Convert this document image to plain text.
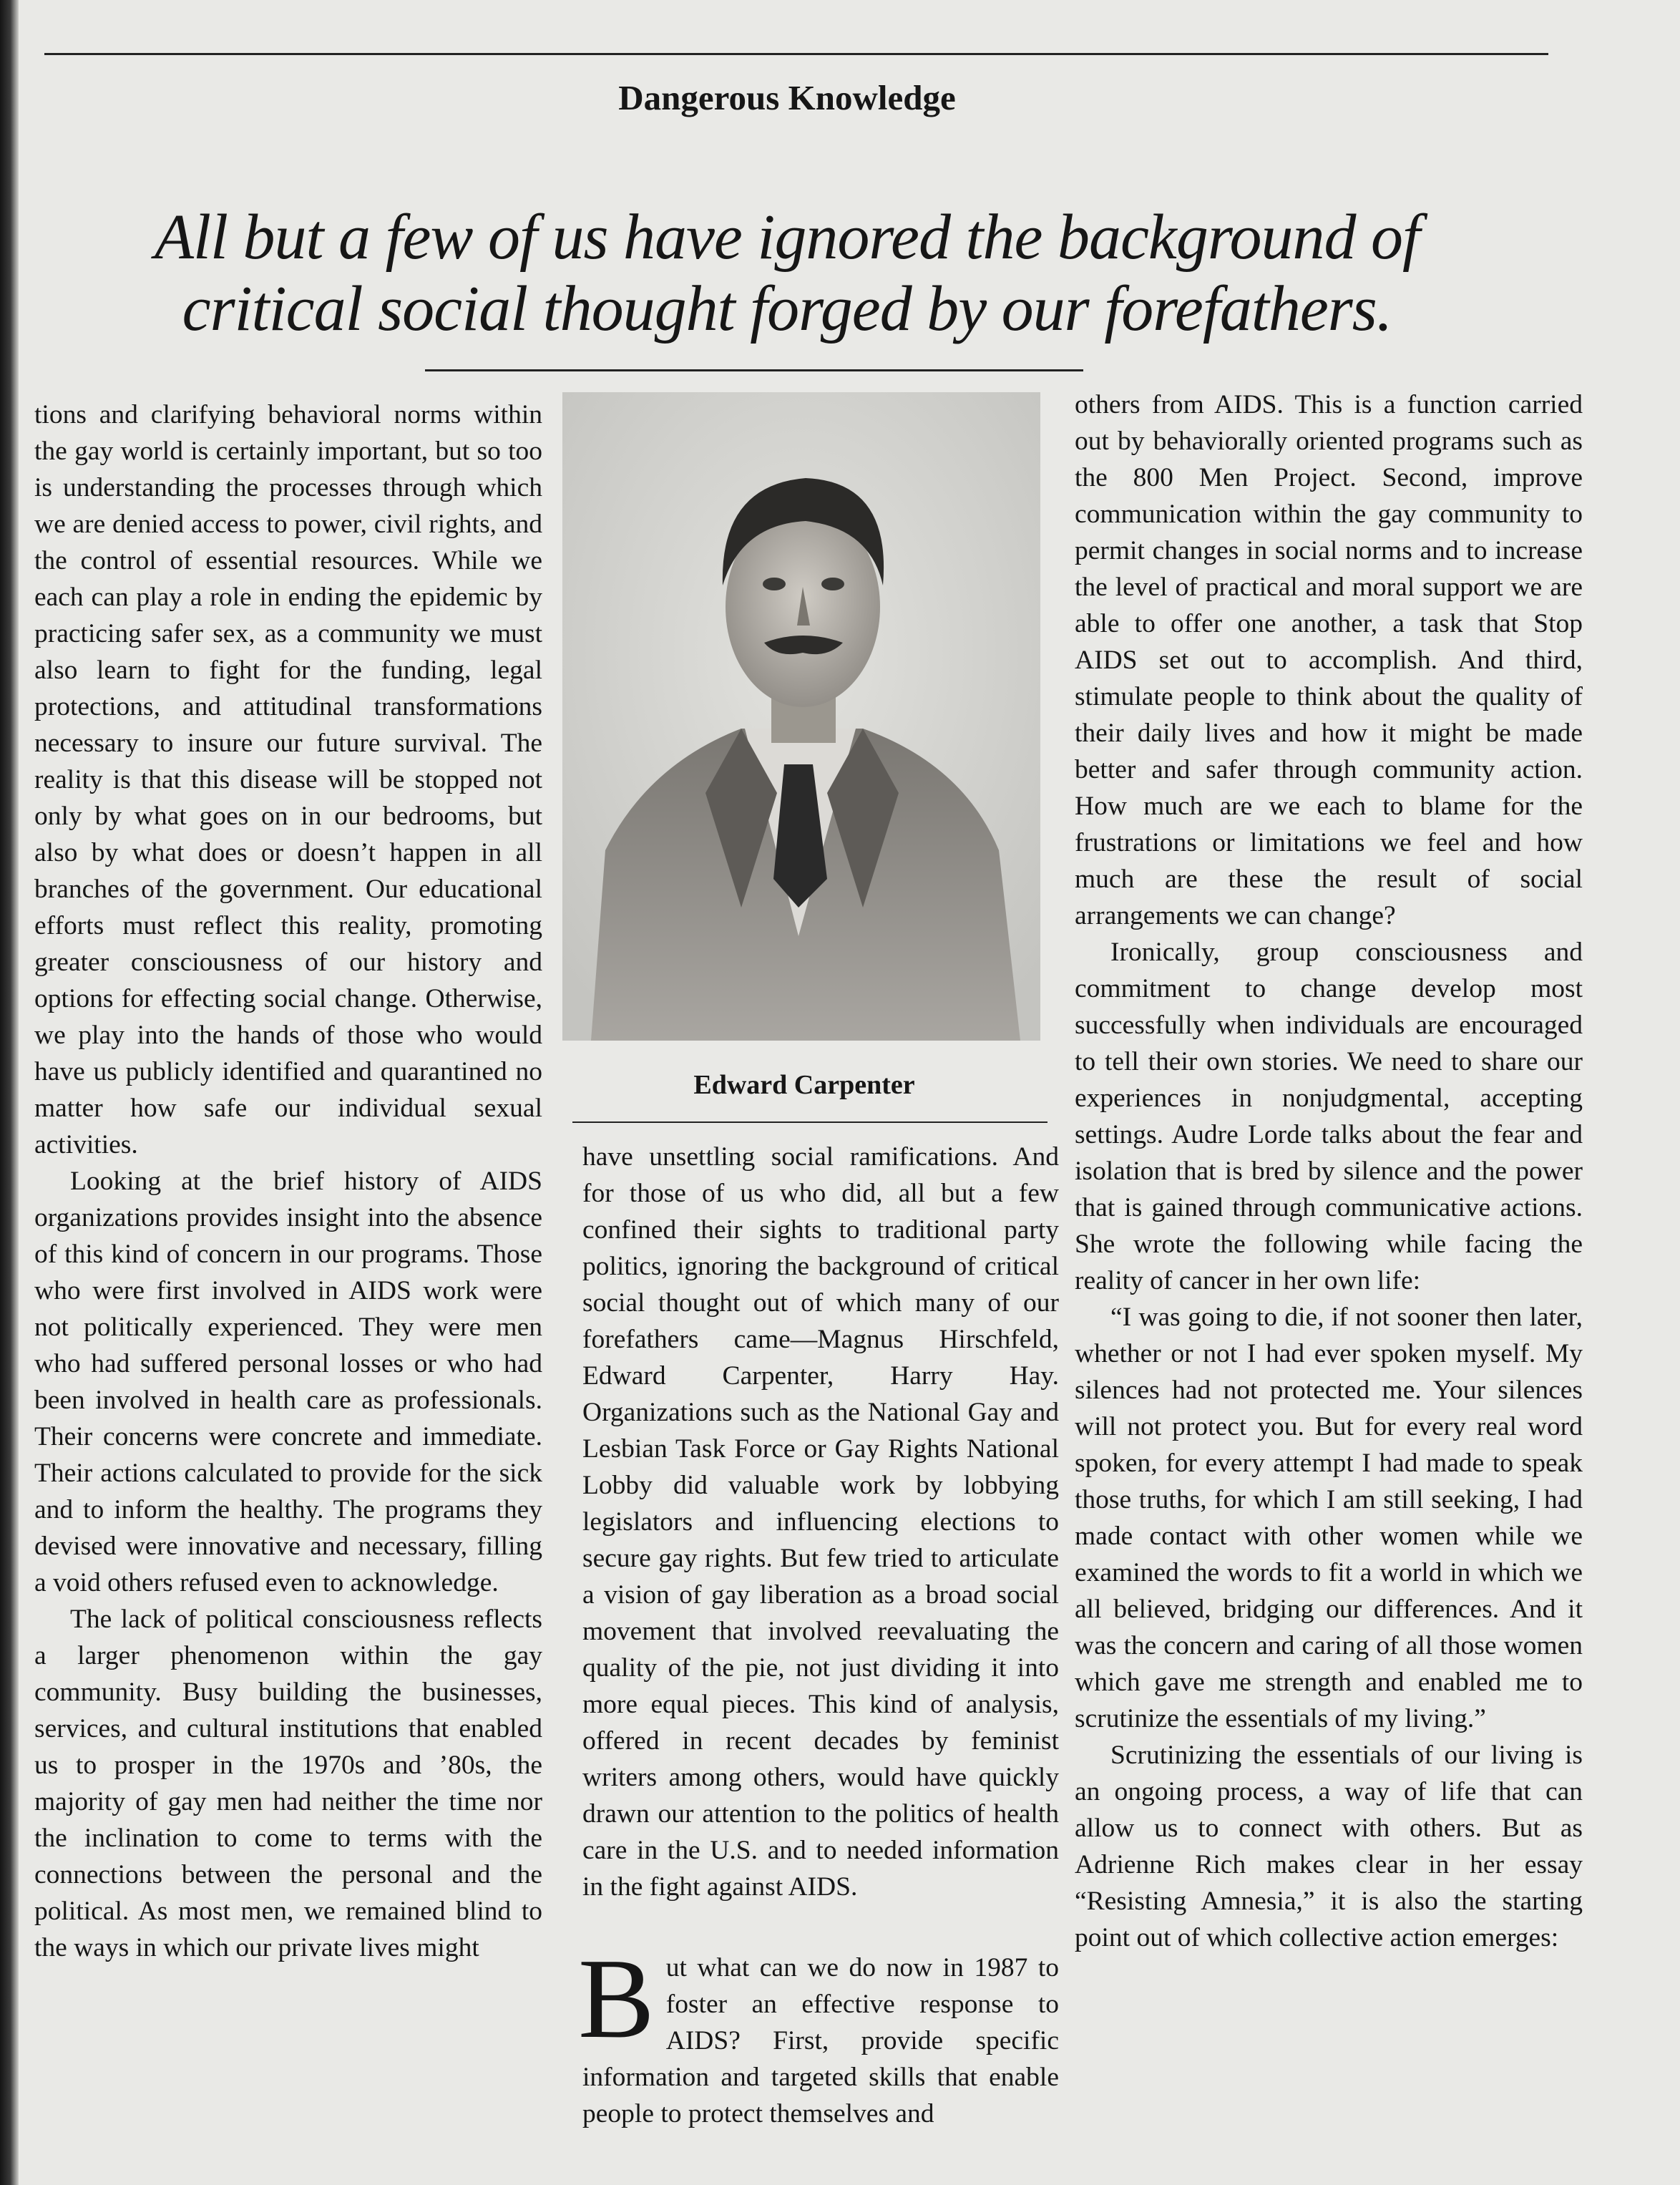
Dangerous Knowledge
All but a few of us have ignored the background of
critical social thought forged by our forefathers.

tions and clarifying behavioral norms within the gay world is certainly important, but so too is understanding the processes through which we are denied access to power, civil rights, and the control of essential resources. While we each can play a role in ending the epidemic by practicing safer sex, as a community we must also learn to fight for the funding, legal protections, and attitudinal transformations necessary to insure our future survival. The reality is that this disease will be stopped not only by what goes on in our bedrooms, but also by what does or doesn’t happen in all branches of the government. Our educational efforts must reflect this reality, promoting greater consciousness of our history and options for effecting social change. Otherwise, we play into the hands of those who would have us publicly identified and quarantined no matter how safe our individual sexual activities.

Looking at the brief history of AIDS organizations provides insight into the absence of this kind of concern in our programs. Those who were first involved in AIDS work were not politically experienced. They were men who had suffered personal losses or who had been involved in health care as professionals. Their concerns were concrete and immediate. Their actions calculated to provide for the sick and to inform the healthy. The programs they devised were innovative and necessary, filling a void others refused even to acknowledge.

The lack of political consciousness reflects a larger phenomenon within the gay community. Busy building the businesses, services, and cultural institutions that enabled us to prosper in the 1970s and ’80s, the majority of gay men had neither the time nor the inclination to come to terms with the connections between the personal and the political. As most men, we remained blind to the ways in which our private lives might

Edward Carpenter

have unsettling social ramifications. And for those of us who did, all but a few confined their sights to traditional party politics, ignoring the background of critical social thought out of which many of our forefathers came—Magnus Hirschfeld, Edward Carpenter, Harry Hay. Organizations such as the National Gay and Lesbian Task Force or Gay Rights National Lobby did valuable work by lobbying legislators and influencing elections to secure gay rights. But few tried to articulate a vision of gay liberation as a broad social movement that involved reevaluating the quality of the pie, not just dividing it into more equal pieces. This kind of analysis, offered in recent decades by feminist writers among others, would have quickly drawn our attention to the politics of health care in the U.S. and to needed information in the fight against AIDS.

But what can we do now in 1987 to foster an effective response to AIDS? First, provide specific information and targeted skills that enable people to protect themselves and

others from AIDS. This is a function carried out by behaviorally oriented programs such as the 800 Men Project. Second, improve communication within the gay community to permit changes in social norms and to increase the level of practical and moral support we are able to offer one another, a task that Stop AIDS set out to accomplish. And third, stimulate people to think about the quality of their daily lives and how it might be made better and safer through community action. How much are we each to blame for the frustrations or limitations we feel and how much are these the result of social arrangements we can change?

Ironically, group consciousness and commitment to change develop most successfully when individuals are encouraged to tell their own stories. We need to share our experiences in nonjudgmental, accepting settings. Audre Lorde talks about the fear and isolation that is bred by silence and the power that is gained through communicative actions. She wrote the following while facing the reality of cancer in her own life:

“I was going to die, if not sooner then later, whether or not I had ever spoken myself. My silences had not protected me. Your silences will not protect you. But for every real word spoken, for every attempt I had made to speak those truths, for which I am still seeking, I had made contact with other women while we examined the words to fit a world in which we all believed, bridging our differences. And it was the concern and caring of all those women which gave me strength and enabled me to scrutinize the essentials of my living.”

Scrutinizing the essentials of our living is an ongoing process, a way of life that can allow us to connect with others. But as Adrienne Rich makes clear in her essay “Resisting Amnesia,” it is also the starting point out of which collective action emerges:
